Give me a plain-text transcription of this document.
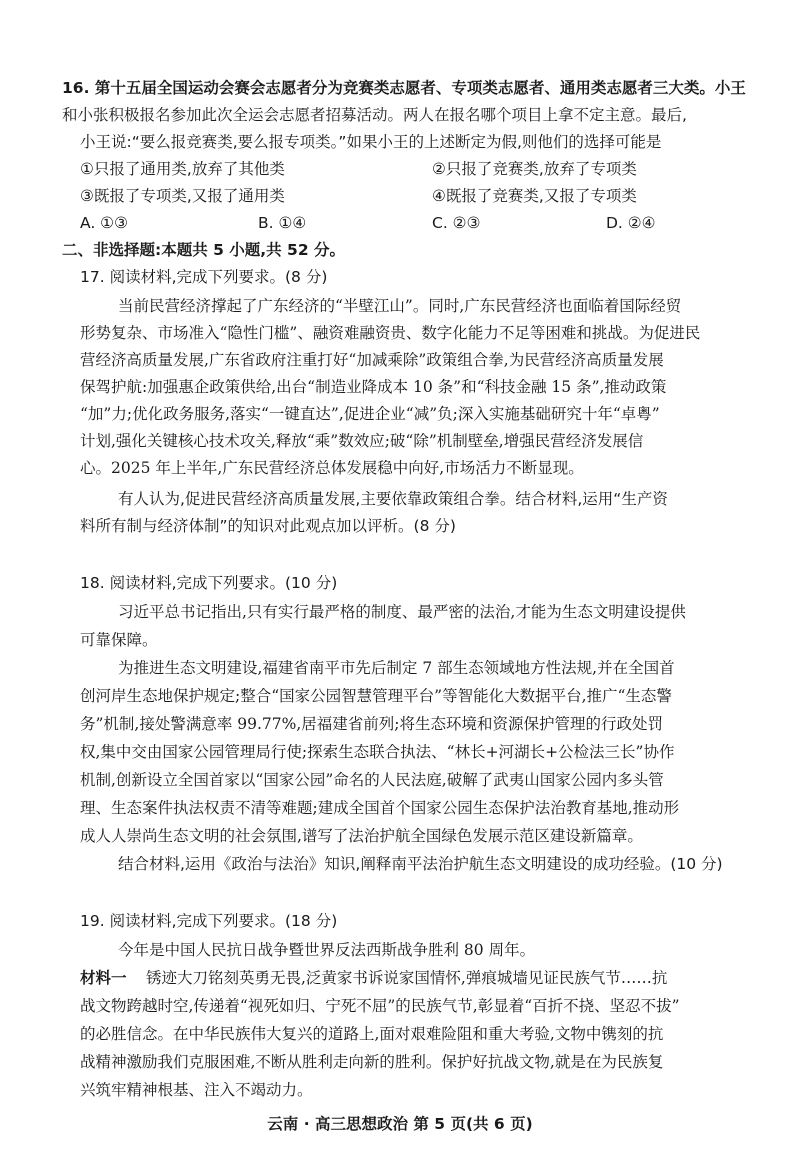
16. 第十五届全国运动会赛会志愿者分为竞赛类志愿者、专项类志愿者、通用类志愿者三大类。小王
和小张积极报名参加此次全运会志愿者招募活动。两人在报名哪个项目上拿不定主意。最后,
小王说:“要么报竞赛类,要么报专项类。”如果小王的上述断定为假,则他们的选择可能是
①只报了通用类,放弃了其他类	②只报了竞赛类,放弃了专项类
③既报了专项类,又报了通用类	④既报了竞赛类,又报了专项类
A. ①③	B. ①④	C. ②③	D. ②④
二、非选择题:本题共 5 小题,共 52 分。
17. 阅读材料,完成下列要求。(8 分)
当前民营经济撑起了广东经济的“半壁江山”。同时,广东民营经济也面临着国际经贸
形势复杂、市场准入“隐性门槛”、融资难融资贵、数字化能力不足等困难和挑战。为促进民
营经济高质量发展,广东省政府注重打好“加减乘除”政策组合拳,为民营经济高质量发展
保驾护航:加强惠企政策供给,出台“制造业降成本 10 条”和“科技金融 15 条”,推动政策
“加”力;优化政务服务,落实“一键直达”,促进企业“减”负;深入实施基础研究十年“卓粤”
计划,强化关键核心技术攻关,释放“乘”数效应;破“除”机制壁垒,增强民营经济发展信
心。2025 年上半年,广东民营经济总体发展稳中向好,市场活力不断显现。
有人认为,促进民营经济高质量发展,主要依靠政策组合拳。结合材料,运用“生产资
料所有制与经济体制”的知识对此观点加以评析。(8 分)
18. 阅读材料,完成下列要求。(10 分)
习近平总书记指出,只有实行最严格的制度、最严密的法治,才能为生态文明建设提供
可靠保障。
为推进生态文明建设,福建省南平市先后制定 7 部生态领域地方性法规,并在全国首
创河岸生态地保护规定;整合“国家公园智慧管理平台”等智能化大数据平台,推广“生态警
务”机制,接处警满意率 99.77%,居福建省前列;将生态环境和资源保护管理的行政处罚
权,集中交由国家公园管理局行使;探索生态联合执法、“林长+河湖长+公检法三长”协作
机制,创新设立全国首家以“国家公园”命名的人民法庭,破解了武夷山国家公园内多头管
理、生态案件执法权责不清等难题;建成全国首个国家公园生态保护法治教育基地,推动形
成人人崇尚生态文明的社会氛围,谱写了法治护航全国绿色发展示范区建设新篇章。
结合材料,运用《政治与法治》知识,阐释南平法治护航生态文明建设的成功经验。(10 分)
19. 阅读材料,完成下列要求。(18 分)
今年是中国人民抗日战争暨世界反法西斯战争胜利 80 周年。
材料一 锈迹大刀铭刻英勇无畏,泛黄家书诉说家国情怀,弹痕城墙见证民族气节……抗
战文物跨越时空,传递着“视死如归、宁死不屈”的民族气节,彰显着“百折不挠、坚忍不拔”
的必胜信念。在中华民族伟大复兴的道路上,面对艰难险阻和重大考验,文物中镌刻的抗
战精神激励我们克服困难,不断从胜利走向新的胜利。保护好抗战文物,就是在为民族复
兴筑牢精神根基、注入不竭动力。
云南 · 高三思想政治 第 5 页(共 6 页)
